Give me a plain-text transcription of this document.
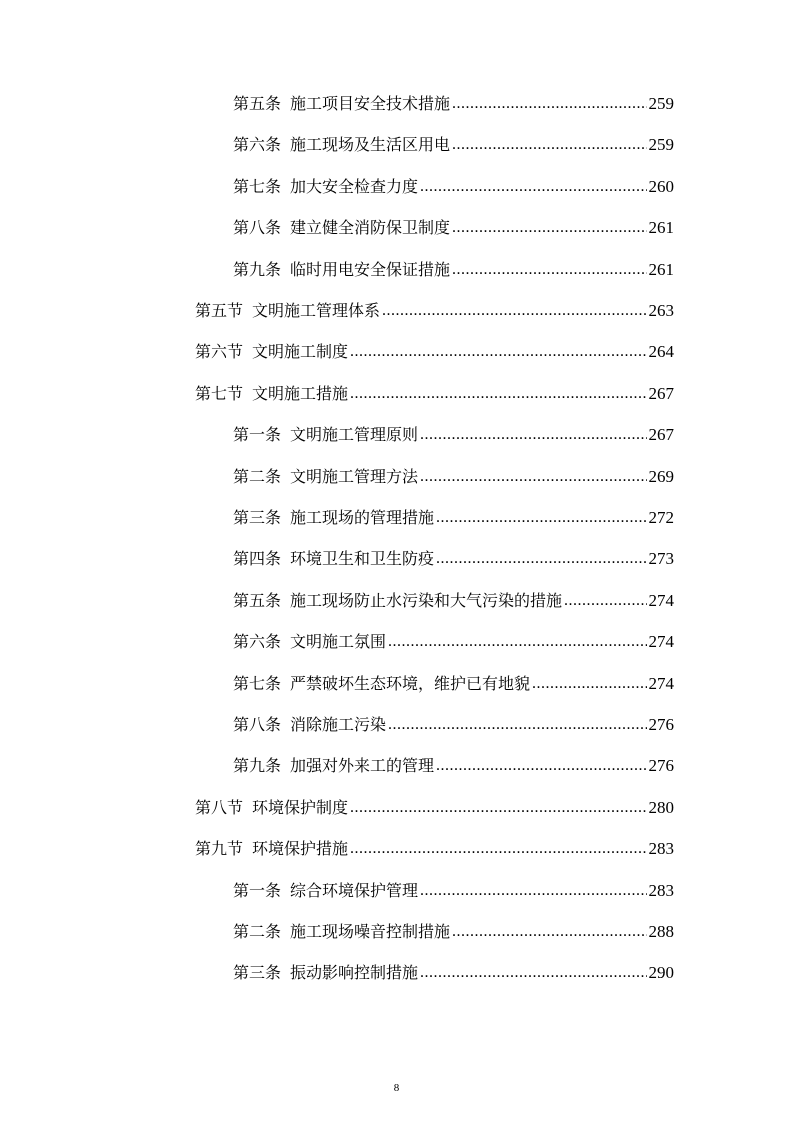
第五条 施工项目安全技术措施 .....	259
第六条 施工现场及生活区用电 .....	259
第七条 加大安全检查力度 .....	260
第八条 建立健全消防保卫制度 .....	261
第九条 临时用电安全保证措施 .....	261
第五节 文明施工管理体系 .....	263
第六节 文明施工制度 .....	264
第七节 文明施工措施 .....	267
第一条 文明施工管理原则 .....	267
第二条 文明施工管理方法 .....	269
第三条 施工现场的管理措施 .....	272
第四条 环境卫生和卫生防疫 .....	273
第五条 施工现场防止水污染和大气污染的措施 .....	274
第六条 文明施工氛围 .....	274
第七条 严禁破坏生态环境，维护已有地貌 .....	274
第八条 消除施工污染 .....	276
第九条 加强对外来工的管理 .....	276
第八节 环境保护制度 .....	280
第九节 环境保护措施 .....	283
第一条 综合环境保护管理 .....	283
第二条 施工现场噪音控制措施 .....	288
第三条 振动影响控制措施 .....	290
8
